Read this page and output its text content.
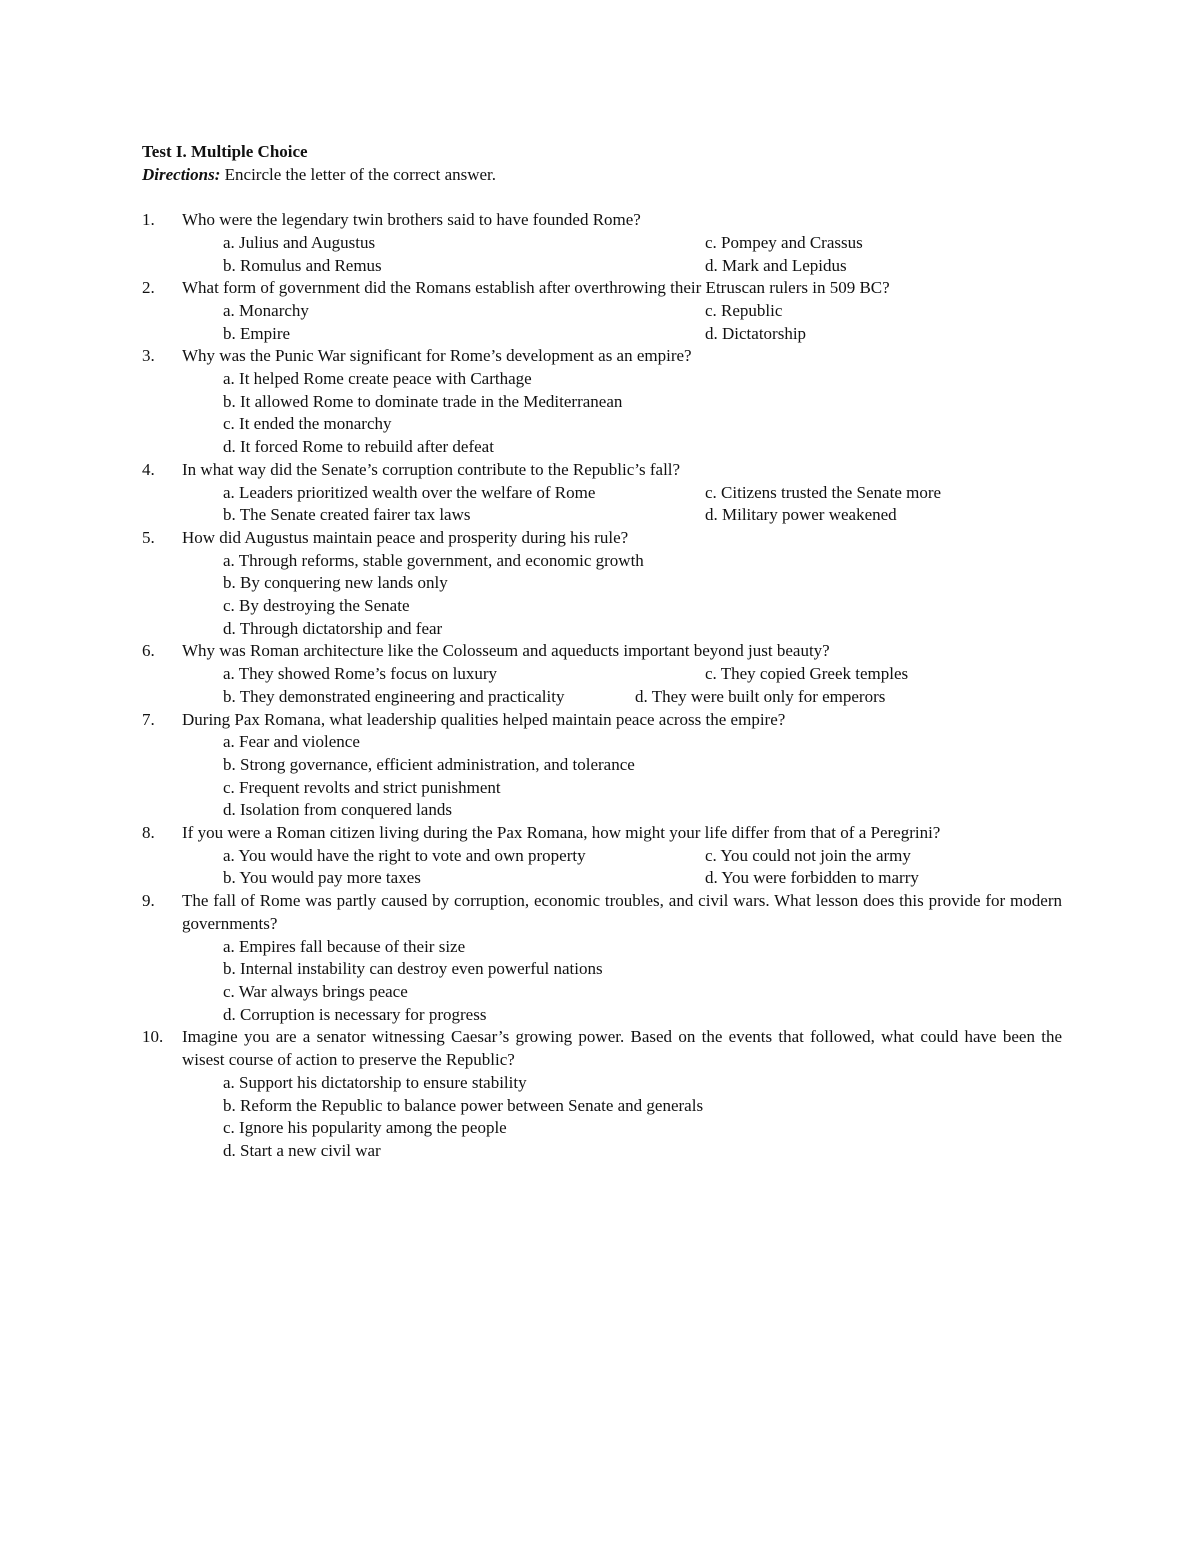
Test I. Multiple Choice
Directions: Encircle the letter of the correct answer.
1.	Who were the legendary twin brothers said to have founded Rome?
a. Julius and Augustus	c. Pompey and Crassus
b. Romulus and Remus	d. Mark and Lepidus
2.	What form of government did the Romans establish after overthrowing their Etruscan rulers in 509 BC?
a. Monarchy	c. Republic
b. Empire	d. Dictatorship
3.	Why was the Punic War significant for Rome’s development as an empire?
a. It helped Rome create peace with Carthage
b. It allowed Rome to dominate trade in the Mediterranean
c. It ended the monarchy
d. It forced Rome to rebuild after defeat
4.	In what way did the Senate’s corruption contribute to the Republic’s fall?
a. Leaders prioritized wealth over the welfare of Rome	c. Citizens trusted the Senate more
b. The Senate created fairer tax laws	d. Military power weakened
5.	How did Augustus maintain peace and prosperity during his rule?
a. Through reforms, stable government, and economic growth
b. By conquering new lands only
c. By destroying the Senate
d. Through dictatorship and fear
6.	Why was Roman architecture like the Colosseum and aqueducts important beyond just beauty?
a. They showed Rome’s focus on luxury	c. They copied Greek temples
b. They demonstrated engineering and practicality	d. They were built only for emperors
7.	During Pax Romana, what leadership qualities helped maintain peace across the empire?
a. Fear and violence
b. Strong governance, efficient administration, and tolerance
c. Frequent revolts and strict punishment
d. Isolation from conquered lands
8.	If you were a Roman citizen living during the Pax Romana, how might your life differ from that of a Peregrini?
a. You would have the right to vote and own property	c. You could not join the army
b. You would pay more taxes	d. You were forbidden to marry
9.	The fall of Rome was partly caused by corruption, economic troubles, and civil wars. What lesson does this provide for modern governments?
a. Empires fall because of their size
b. Internal instability can destroy even powerful nations
c. War always brings peace
d. Corruption is necessary for progress
10.	Imagine you are a senator witnessing Caesar’s growing power. Based on the events that followed, what could have been the wisest course of action to preserve the Republic?
a. Support his dictatorship to ensure stability
b. Reform the Republic to balance power between Senate and generals
c. Ignore his popularity among the people
d. Start a new civil war
